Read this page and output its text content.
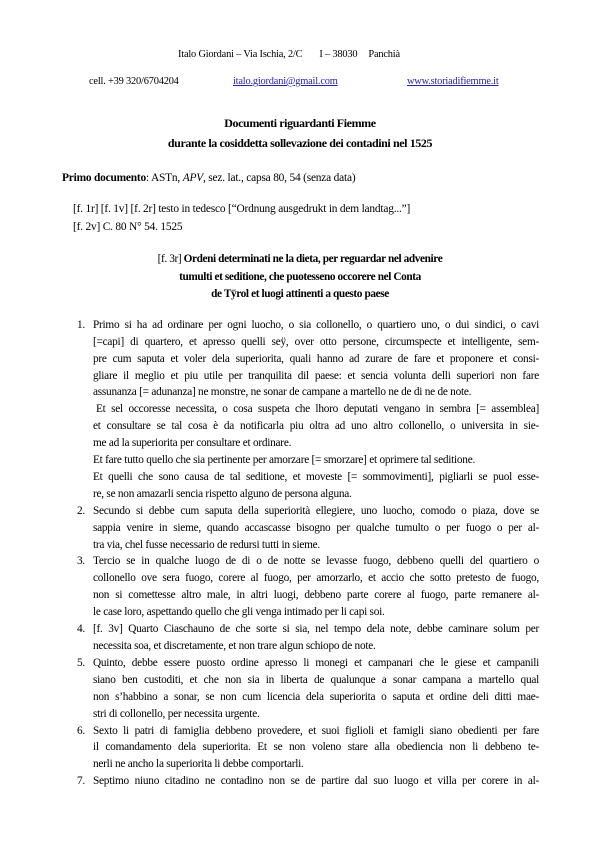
Italo Giordani – Via Ischia, 2/C I – 38030 Panchià
cell. +39 320/6704204	italo.giordani@gmail.com	www.storiadifiemme.it
Documenti riguardanti Fiemme
durante la cosiddetta sollevazione dei contadini nel 1525

Primo documento: ASTn, APV, sez. lat., capsa 80, 54 (senza data)

[f. 1r] [f. 1v] [f. 2r] testo in tedesco [“Ordnung ausgedrukt in dem landtag...”]
[f. 2v] C. 80 N° 54. 1525
[f. 3r] Ordeni determinati ne la dieta, per reguardar nel advenire
tumulti et seditione, che puotesseno occorere nel Conta
de Tÿrol et luogi attinenti a questo paese
1. Primo si ha ad ordinare per ogni luocho, o sia collonello, o quartiero uno, o dui sindici, o cavi
[=capi] di quartero, et apresso quelli seÿ, over otto persone, circumspecte et intelligente, sem-
pre cum saputa et voler dela superiorita, quali hanno ad zurare de fare et proponere et consi-
gliare il meglio et piu utile per tranquilita dil paese: et sencia volunta delli superiori non fare
assunanza [= adunanza] ne monstre, ne sonar de campane a martello ne de di ne de note.
Et sel occoresse necessita, o cosa suspeta che lhoro deputati vengano in sembra [= assemblea]
et consultare se tal cosa è da notificarla piu oltra ad uno altro collonello, o universita in sie-
me ad la superiorita per consultare et ordinare.
Et fare tutto quello che sia pertinente per amorzare [= smorzare] et oprimere tal seditione.
Et quelli che sono causa de tal seditione, et moveste [= sommovimenti], pigliarli se puol esse-
re, se non amazarli sencia rispetto alguno de persona alguna.
2. Secundo si debbe cum saputa della superiorità ellegiere, uno luocho, comodo o piaza, dove se
sappia venire in sieme, quando accascasse bisogno per qualche tumulto o per fuogo o per al-
tra via, chel fusse necessario de redursi tutti in sieme.
3. Tercio se in qualche luogo de di o de notte se levasse fuogo, debbeno quelli del quartiero o
collonello ove sera fuogo, corere al fuogo, per amorzarlo, et accio che sotto pretesto de fuogo,
non si comettesse altro male, in altri luogi, debbeno parte corere al fuogo, parte remanere al-
le case loro, aspettando quello che gli venga intimado per li capi soi.
4. [f. 3v] Quarto Ciaschauno de che sorte si sia, nel tempo dela note, debbe caminare solum per
necessita soa, et discretamente, et non trare algun schiopo de note.
5. Quinto, debbe essere puosto ordine apresso li monegi et campanari che le giese et campanili
siano ben custoditi, et che non sia in liberta de qualunque a sonar campana a martello qual
non s’habbino a sonar, se non cum licencia dela superiorita o saputa et ordine deli ditti mae-
stri di collonello, per necessita urgente.
6. Sexto li patri di famiglia debbeno provedere, et suoi figlioli et famigli siano obedienti per fare
il comandamento dela superiorita. Et se non voleno stare alla obediencia non li debbeno te-
nerli ne ancho la superiorita li debbe comportarli.
7. Septimo niuno citadino ne contadino non se de partire dal suo luogo et villa per corere in al-
